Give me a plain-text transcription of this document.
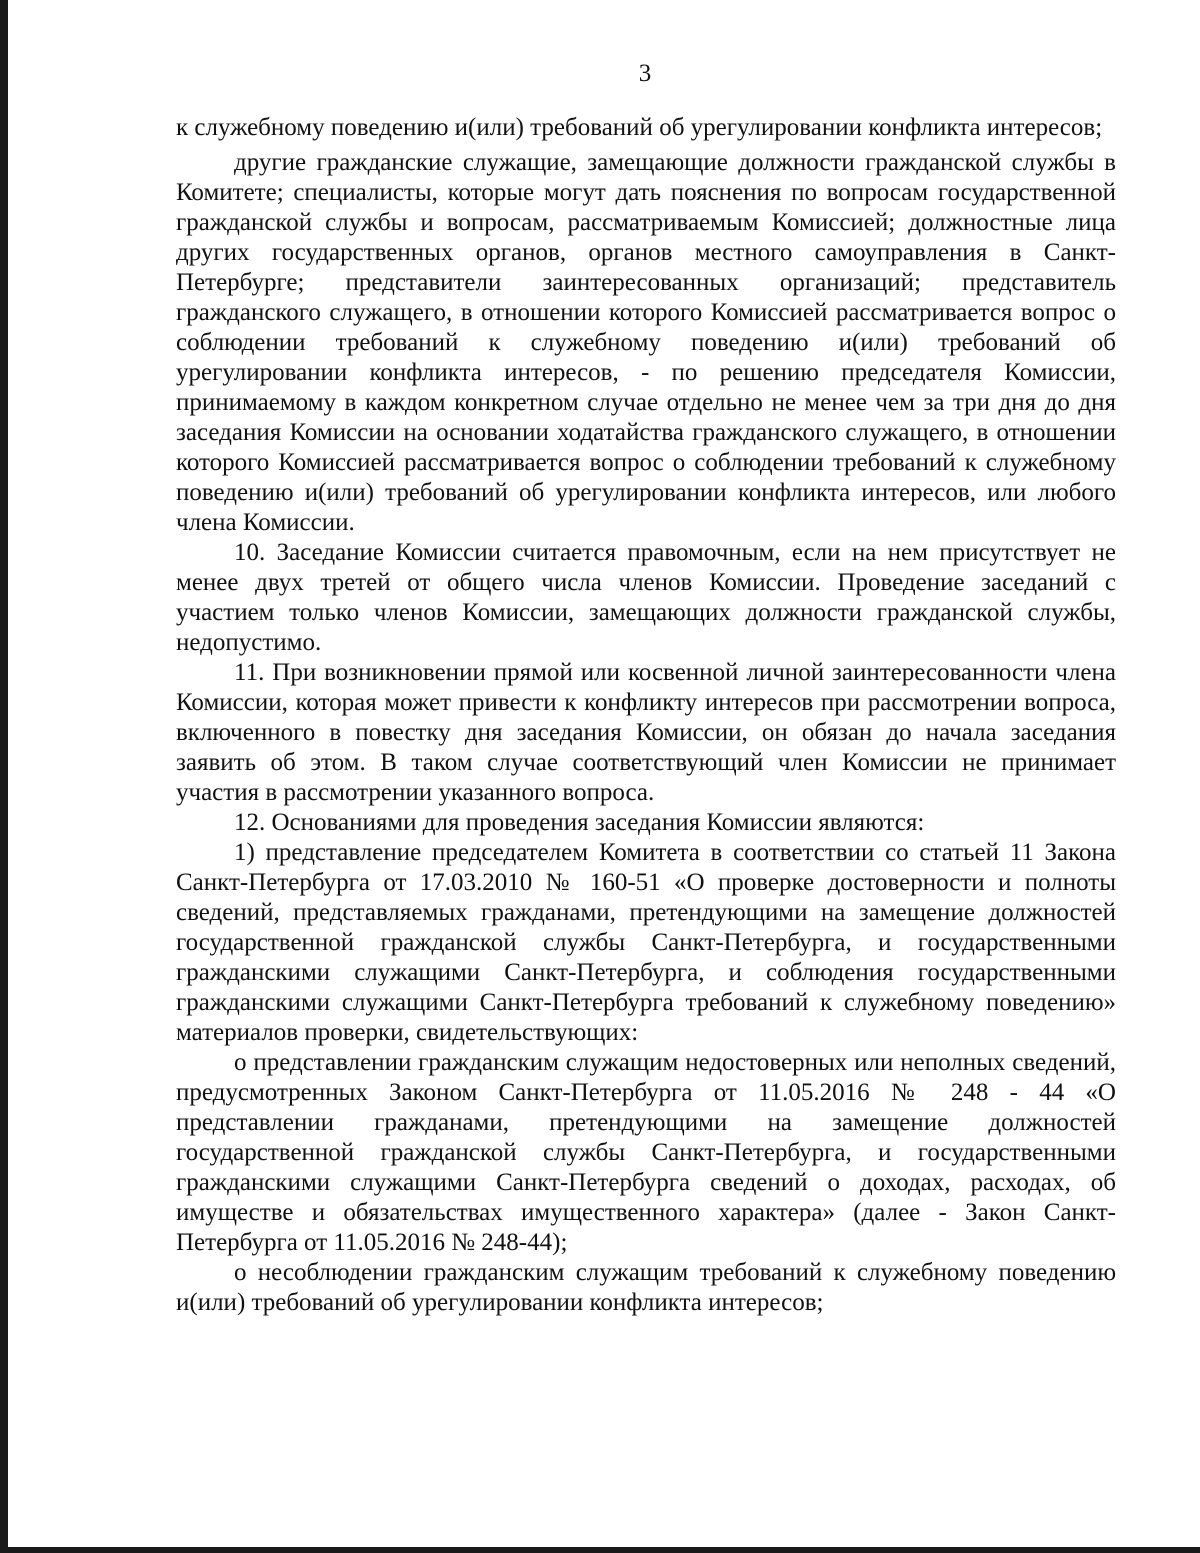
3

к служебному поведению и(или) требований об урегулировании конфликта интересов;

другие гражданские служащие, замещающие должности гражданской службы в Комитете; специалисты, которые могут дать пояснения по вопросам государственной гражданской службы и вопросам, рассматриваемым Комиссией; должностные лица других государственных органов, органов местного самоуправления в Санкт-Петербурге; представители заинтересованных организаций; представитель гражданского служащего, в отношении которого Комиссией рассматривается вопрос о соблюдении требований к служебному поведению и(или) требований об урегулировании конфликта интересов, - по решению председателя Комиссии, принимаемому в каждом конкретном случае отдельно не менее чем за три дня до дня заседания Комиссии на основании ходатайства гражданского служащего, в отношении которого Комиссией рассматривается вопрос о соблюдении требований к служебному поведению и(или) требований об урегулировании конфликта интересов, или любого члена Комиссии.

10. Заседание Комиссии считается правомочным, если на нем присутствует не менее двух третей от общего числа членов Комиссии. Проведение заседаний с участием только членов Комиссии, замещающих должности гражданской службы, недопустимо.

11. При возникновении прямой или косвенной личной заинтересованности члена Комиссии, которая может привести к конфликту интересов при рассмотрении вопроса, включенного в повестку дня заседания Комиссии, он обязан до начала заседания заявить об этом. В таком случае соответствующий член Комиссии не принимает участия в рассмотрении указанного вопроса.

12. Основаниями для проведения заседания Комиссии являются:

1) представление председателем Комитета в соответствии со статьей 11 Закона Санкт-Петербурга от 17.03.2010 № 160-51 «О проверке достоверности и полноты сведений, представляемых гражданами, претендующими на замещение должностей государственной гражданской службы Санкт-Петербурга, и государственными гражданскими служащими Санкт-Петербурга, и соблюдения государственными гражданскими служащими Санкт-Петербурга требований к служебному поведению» материалов проверки, свидетельствующих:

о представлении гражданским служащим недостоверных или неполных сведений, предусмотренных Законом Санкт-Петербурга от 11.05.2016 № 248 - 44 «О представлении гражданами, претендующими на замещение должностей государственной гражданской службы Санкт-Петербурга, и государственными гражданскими служащими Санкт-Петербурга сведений о доходах, расходах, об имуществе и обязательствах имущественного характера» (далее - Закон Санкт-Петербурга от 11.05.2016 № 248-44);

о несоблюдении гражданским служащим требований к служебному поведению и(или) требований об урегулировании конфликта интересов;
